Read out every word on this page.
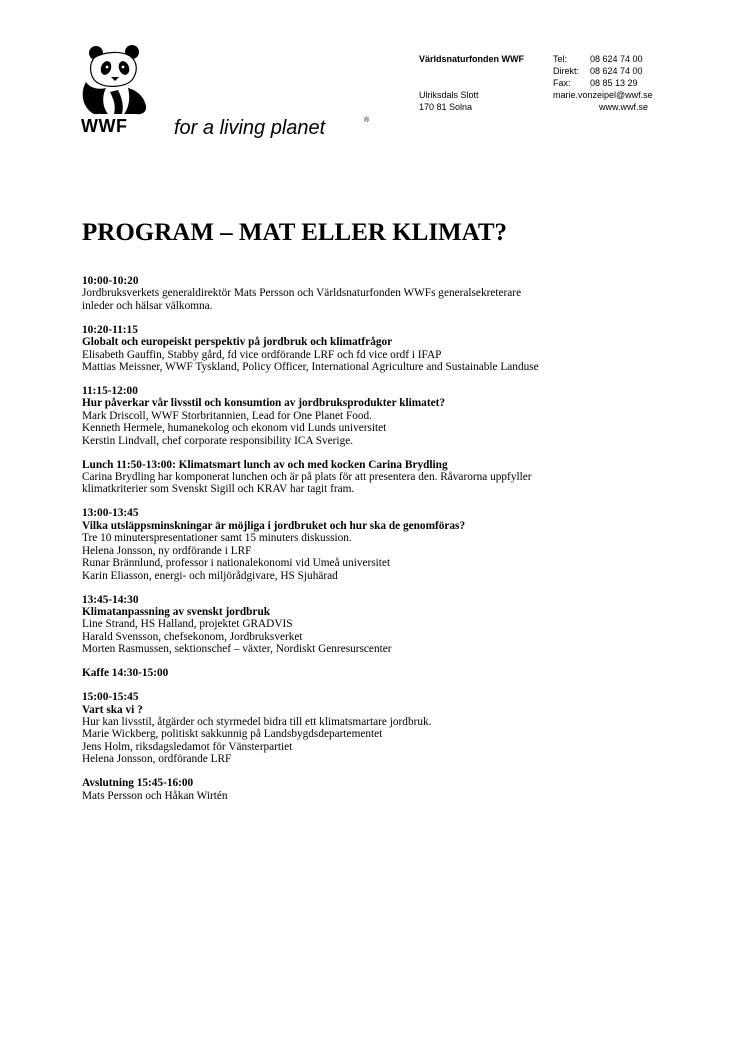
WWF
®
for a living planet	®
Världsnaturfonden WWF
Ulriksdals Slott
170 81 Solna
Tel:	08 624 74 00
Direkt:	08 624 74 00
Fax:	08 85 13 29
marie.vonzeipel@wwf.se
www.wwf.se
PROGRAM – MAT ELLER KLIMAT?
10:00-10:20
Jordbruksverkets generaldirektör Mats Persson och Världsnaturfonden WWFs generalsekreterare
inleder och hälsar välkomna.
10:20-11:15
Globalt och europeiskt perspektiv på jordbruk och klimatfrågor
Elisabeth Gauffin, Stabby gård, fd vice ordförande LRF och fd vice ordf i IFAP
Mattias Meissner, WWF Tyskland, Policy Officer, International Agriculture and Sustainable Landuse
11:15-12:00
Hur påverkar vår livsstil och konsumtion av jordbruksprodukter klimatet?
Mark Driscoll, WWF Storbritannien, Lead for One Planet Food.
Kenneth Hermele, humanekolog och ekonom vid Lunds universitet
Kerstin Lindvall, chef corporate responsibility ICA Sverige.
Lunch 11:50-13:00: Klimatsmart lunch av och med kocken Carina Brydling
Carina Brydling har komponerat lunchen och är på plats för att presentera den. Råvarorna uppfyller
klimatkriterier som Svenskt Sigill och KRAV har tagit fram.
13:00-13:45
Vilka utsläppsminskningar är möjliga i jordbruket och hur ska de genomföras?
Tre 10 minuterspresentationer samt 15 minuters diskussion.
Helena Jonsson, ny ordförande i LRF
Runar Brännlund, professor i nationalekonomi vid Umeå universitet
Karin Eliasson, energi- och miljörådgivare, HS Sjuhärad
13:45-14:30
Klimatanpassning av svenskt jordbruk
Line Strand, HS Halland, projektet GRADVIS
Harald Svensson, chefsekonom, Jordbruksverket
Morten Rasmussen, sektionschef – växter, Nordiskt Genresurscenter
Kaffe 14:30-15:00
15:00-15:45
Vart ska vi ?
Hur kan livsstil, åtgärder och styrmedel bidra till ett klimatsmartare jordbruk.
Marie Wickberg, politiskt sakkunnig på Landsbygdsdepartementet
Jens Holm, riksdagsledamot för Vänsterpartiet
Helena Jonsson, ordförande LRF
Avslutning 15:45-16:00
Mats Persson och Håkan Wirtén
